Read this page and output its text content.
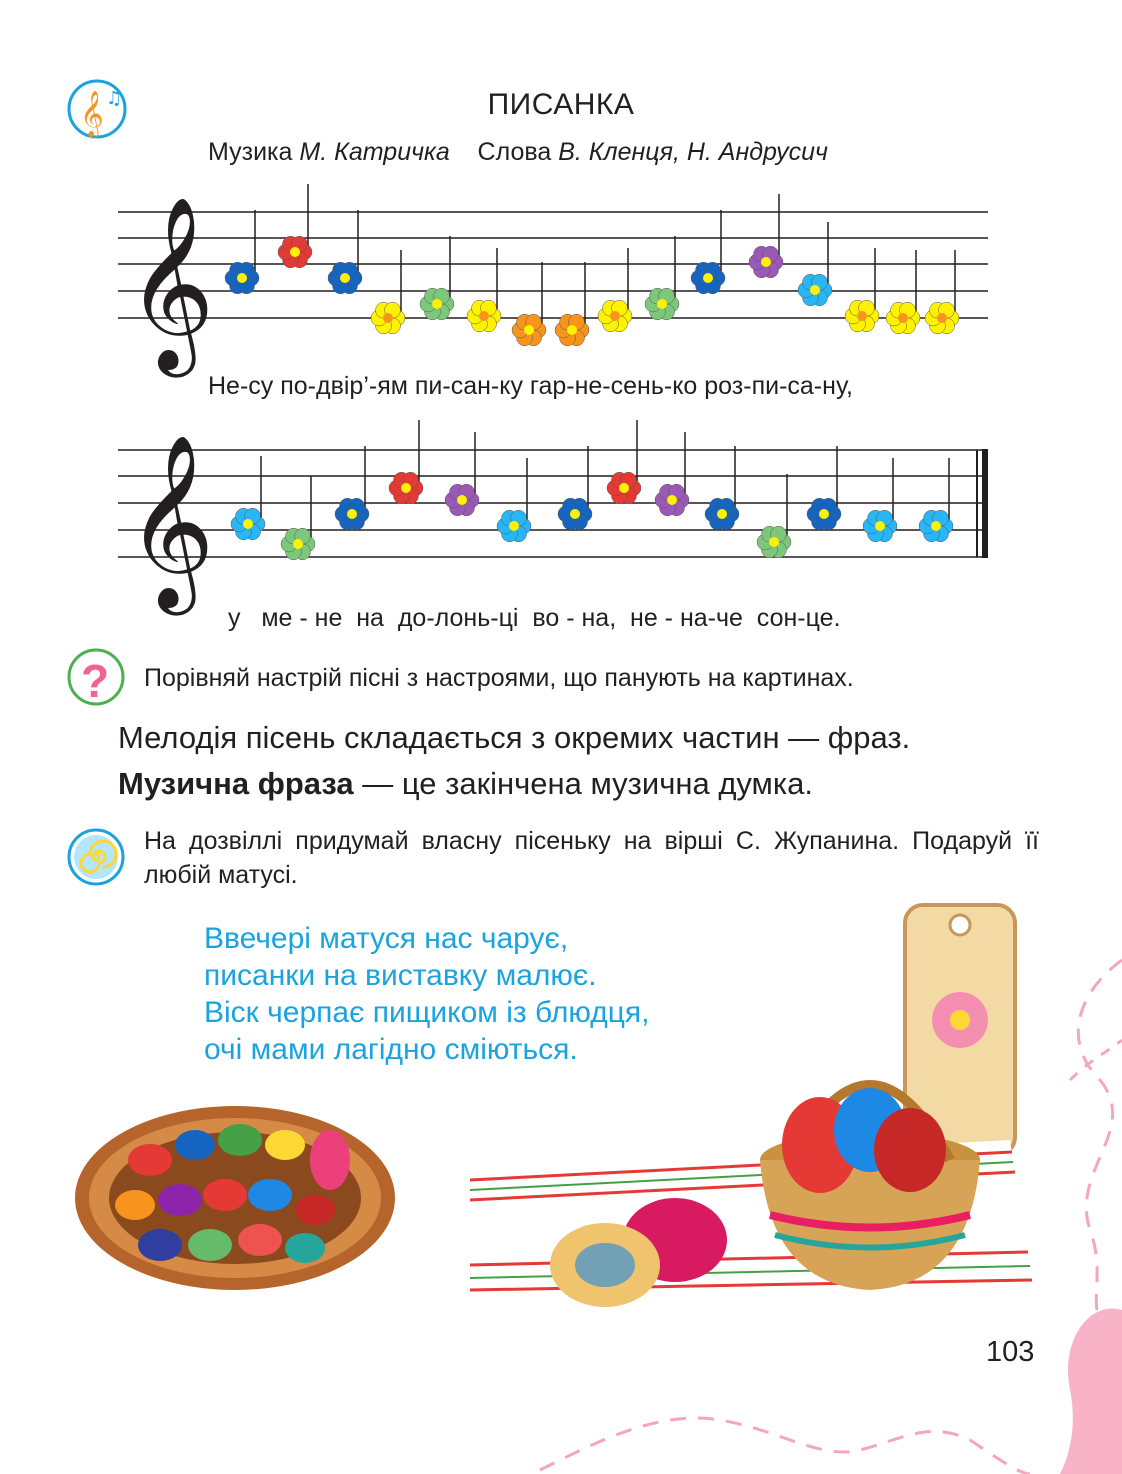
𝄞 ♫
?
𝄞
𝄞
ПИСАНКА
Музика М. Катричка Слова В. Кленця, Н. Андрусич
Не-су по-двір’-ям пи-сан-ку гар-не-сень-ко роз-пи-са-ну,
у   ме - не  на  до-лонь-ці  во - на,  не - на-че  сон-це.
Порівняй настрій пісні з настроями, що панують на картинах.
Мелодія пісень складається з окремих частин — фраз.
Музична фраза — це закінчена музична думка.
На дозвіллі придумай власну пісеньку на вірші С. Жупанина. Подаруй її любій матусі.
Ввечері матуся нас чарує,
писанки на виставку малює.
Віск черпає пищиком із блюдця,
очі мами лагідно сміються.
103
